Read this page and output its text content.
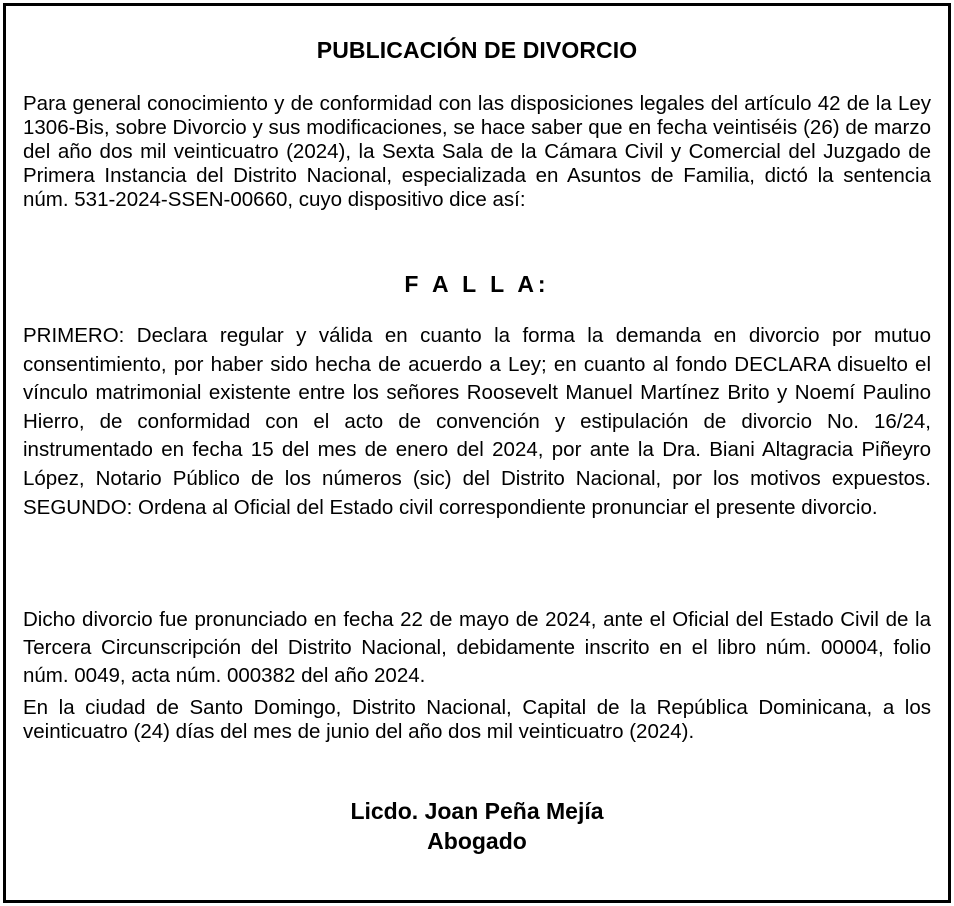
PUBLICACIÓN DE DIVORCIO
Para general conocimiento y de conformidad con las disposiciones legales del artículo 42 de la Ley 1306-Bis, sobre Divorcio y sus modificaciones, se hace saber que en fecha veintiséis (26) de marzo del año dos mil veinticuatro (2024), la Sexta Sala de la Cámara Civil y Comercial del Juzgado de Primera Instancia del Distrito Nacional, especializada en Asuntos de Familia, dictó la sentencia núm. 531-2024-SSEN-00660, cuyo dispositivo dice así:
F A L L A:
PRIMERO: Declara regular y válida en cuanto la forma la demanda en divorcio por mutuo consentimiento, por haber sido hecha de acuerdo a Ley; en cuanto al fondo DECLARA disuelto el vínculo matrimonial existente entre los señores Roosevelt Manuel Martínez Brito y Noemí Paulino Hierro, de conformidad con el acto de convención y estipulación de divorcio No. 16/24, instrumentado en fecha 15 del mes de enero del 2024, por ante la Dra. Biani Altagracia Piñeyro López, Notario Público de los números (sic) del Distrito Nacional, por los motivos expuestos. SEGUNDO: Ordena al Oficial del Estado civil correspondiente pronunciar el presente divorcio.
Dicho divorcio fue pronunciado en fecha 22 de mayo de 2024, ante el Oficial del Estado Civil de la Tercera Circunscripción del Distrito Nacional, debidamente inscrito en el libro núm. 00004, folio núm. 0049, acta núm. 000382 del año 2024.
En la ciudad de Santo Domingo, Distrito Nacional, Capital de la República Dominicana, a los veinticuatro (24) días del mes de junio del año dos mil veinticuatro (2024).
Licdo. Joan Peña Mejía
Abogado
